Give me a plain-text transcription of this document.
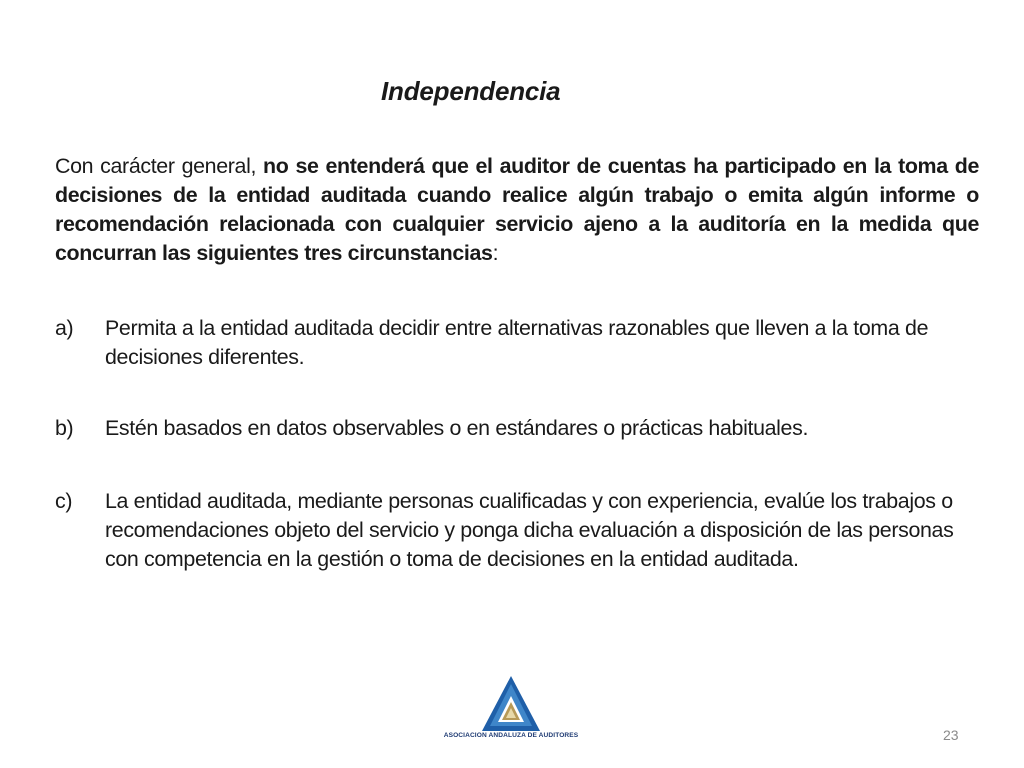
Independencia

Con carácter general, no se entenderá que el auditor de cuentas ha participado en la toma de decisiones de la entidad auditada cuando realice algún trabajo o emita algún informe o recomendación relacionada con cualquier servicio ajeno a la auditoría en la medida que concurran las siguientes tres circunstancias:

a) Permita a la entidad auditada decidir entre alternativas razonables que lleven a la toma de decisiones diferentes.
b) Estén basados en datos observables o en estándares o prácticas habituales.
c) La entidad auditada, mediante personas cualificadas y con experiencia, evalúe los trabajos o recomendaciones objeto del servicio y ponga dicha evaluación a disposición de las personas con competencia en la gestión o toma de decisiones en la entidad auditada.
ASOCIACION ANDALUZA DE AUDITORES	23
